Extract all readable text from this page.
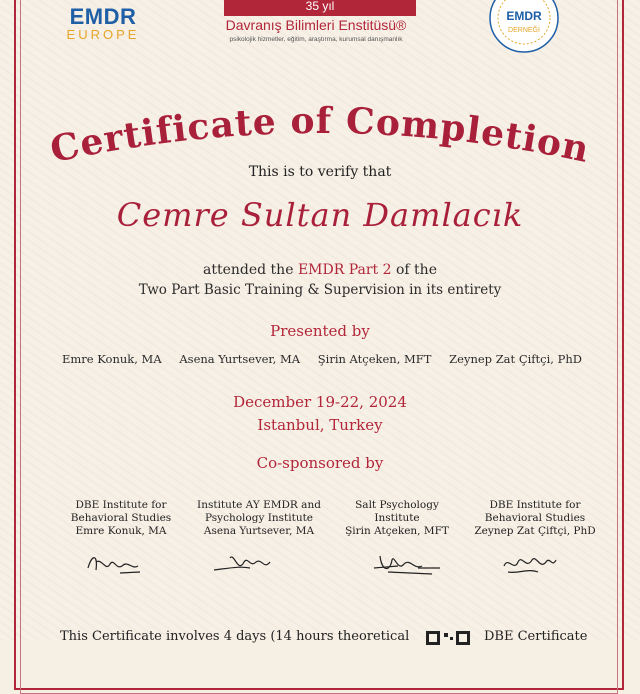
EMDR
EUROPE
35 yıl
Davranış Bilimleri Enstitüsü®
psikolojik hizmetler, eğitim, araştırma, kurumsal danışmanlık
EMDR
DERNEĞİ
Certificate of Completion
This is to verify that
Cemre Sultan Damlacık
attended the EMDR Part 2 of the
Two Part Basic Training & Supervision in its entirety
Presented by
Emre Konuk, MA Asena Yurtsever, MA Şirin Atçeken, MFT Zeynep Zat Çiftçi, PhD
December 19-22, 2024
Istanbul, Turkey
Co-sponsored by
DBE Institute for
Behavioral Studies
Emre Konuk, MA
Institute AY EMDR and
Psychology Institute
Asena Yurtsever, MA
Salt Psychology Institute
Şirin Atçeken, MFT
DBE Institute for
Behavioral Studies
Zeynep Zat Çiftçi, PhD
This Certificate involves 4 days (14 hours theoretical	DBE Certificate
